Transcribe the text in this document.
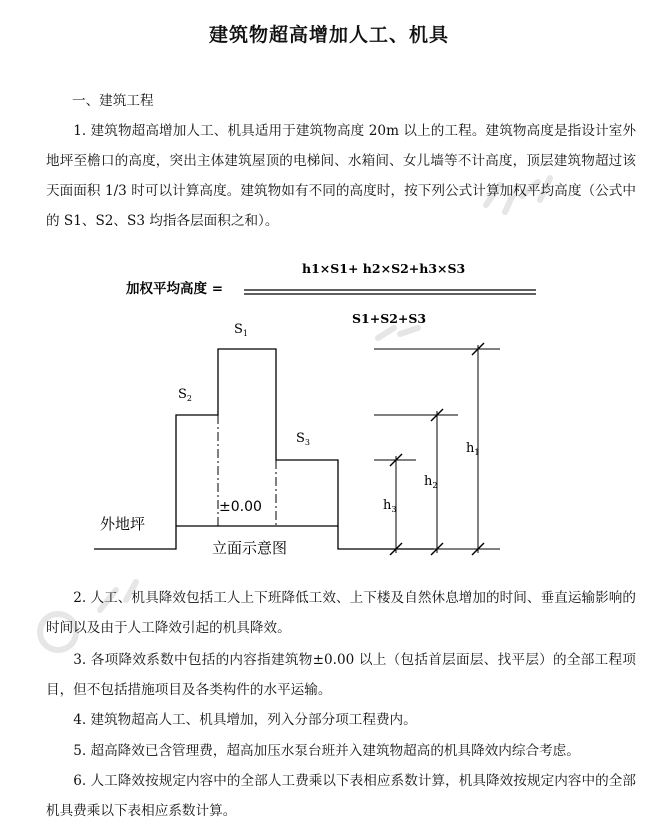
建筑物超高增加人工、机具

一、建筑工程

1. 建筑物超高增加人工、机具适用于建筑物高度 20m 以上的工程。建筑物高度是指设计室外地坪至檐口的高度，突出主体建筑屋顶的电梯间、水箱间、女儿墙等不计高度，顶层建筑物超过该天面面积 1/3 时可以计算高度。建筑物如有不同的高度时，按下列公式计算加权平均高度（公式中的 S1、S2、S3 均指各层面积之和）。

加权平均高度 =
h1×S1+ h2×S2+h3×S3
S1+S2+S3
$S_1$
$S_2$
$S_3$
±0.00
外地坪
立面示意图
$h_1$
$h_2$
$h_3$

2. 人工、机具降效包括工人上下班降低工效、上下楼及自然休息增加的时间、垂直运输影响的时间以及由于人工降效引起的机具降效。

3. 各项降效系数中包括的内容指建筑物±0.00 以上（包括首层面层、找平层）的全部工程项目，但不包括措施项目及各类构件的水平运输。

4. 建筑物超高人工、机具增加，列入分部分项工程费内。

5. 超高降效已含管理费，超高加压水泵台班并入建筑物超高的机具降效内综合考虑。

6. 人工降效按规定内容中的全部人工费乘以下表相应系数计算，机具降效按规定内容中的全部机具费乘以下表相应系数计算。
